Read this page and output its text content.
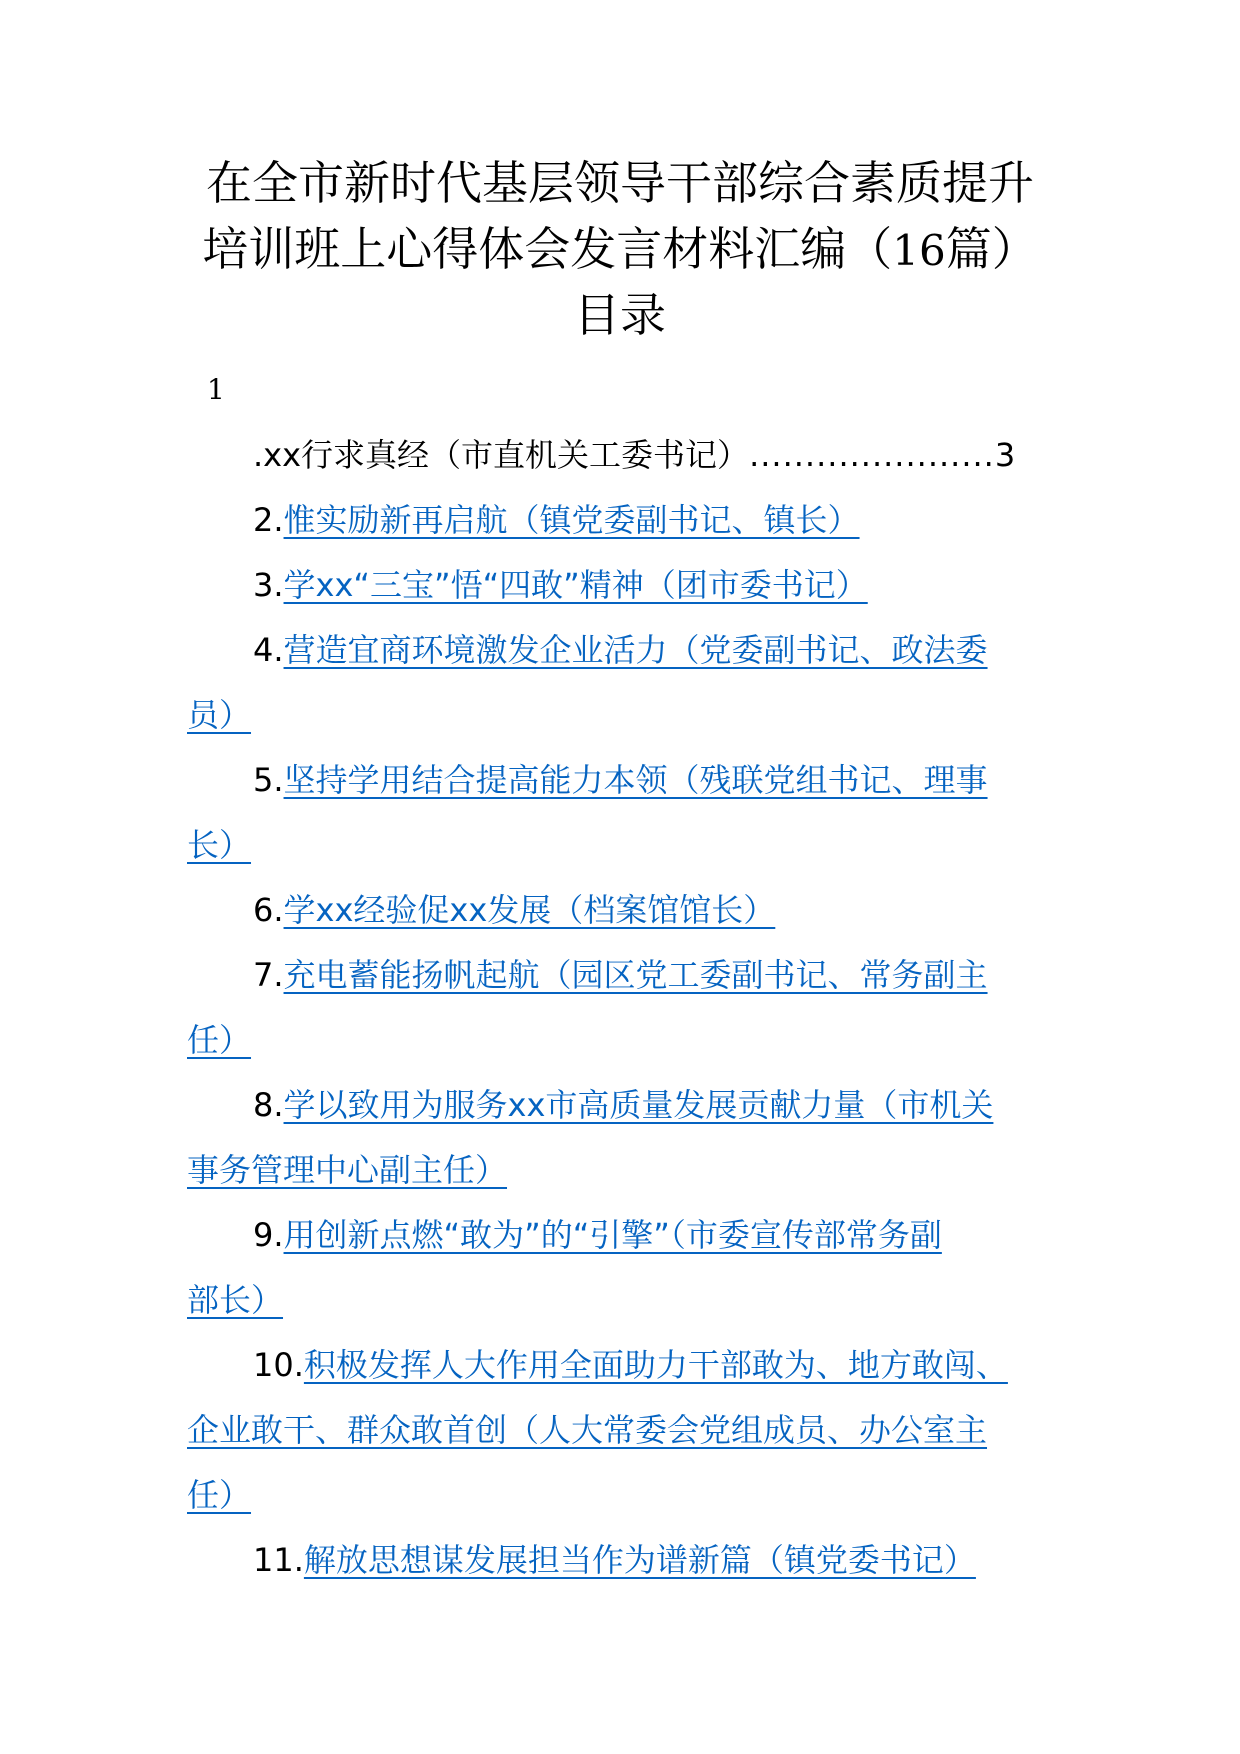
在全市新时代基层领导干部综合素质提升
培训班上心得体会发言材料汇编（16篇）
目录
1
.xx行求真经（市直机关工委书记）......................3
2.惟实励新再启航（镇党委副书记、镇长）
3.学xx“三宝”悟“四敢”精神（团市委书记）
4.营造宜商环境激发企业活力（党委副书记、政法委
员）
5.坚持学用结合提高能力本领（残联党组书记、理事
长）
6.学xx经验促xx发展（档案馆馆长）
7.充电蓄能扬帆起航（园区党工委副书记、常务副主
任）
8.学以致用为服务xx市高质量发展贡献力量（市机关
事务管理中心副主任）
9.用创新点燃“敢为”的“引擎”（市委宣传部常务副
部长）
10.积极发挥人大作用全面助力干部敢为、地方敢闯、
企业敢干、群众敢首创（人大常委会党组成员、办公室主
任）
11.解放思想谋发展担当作为谱新篇（镇党委书记）
